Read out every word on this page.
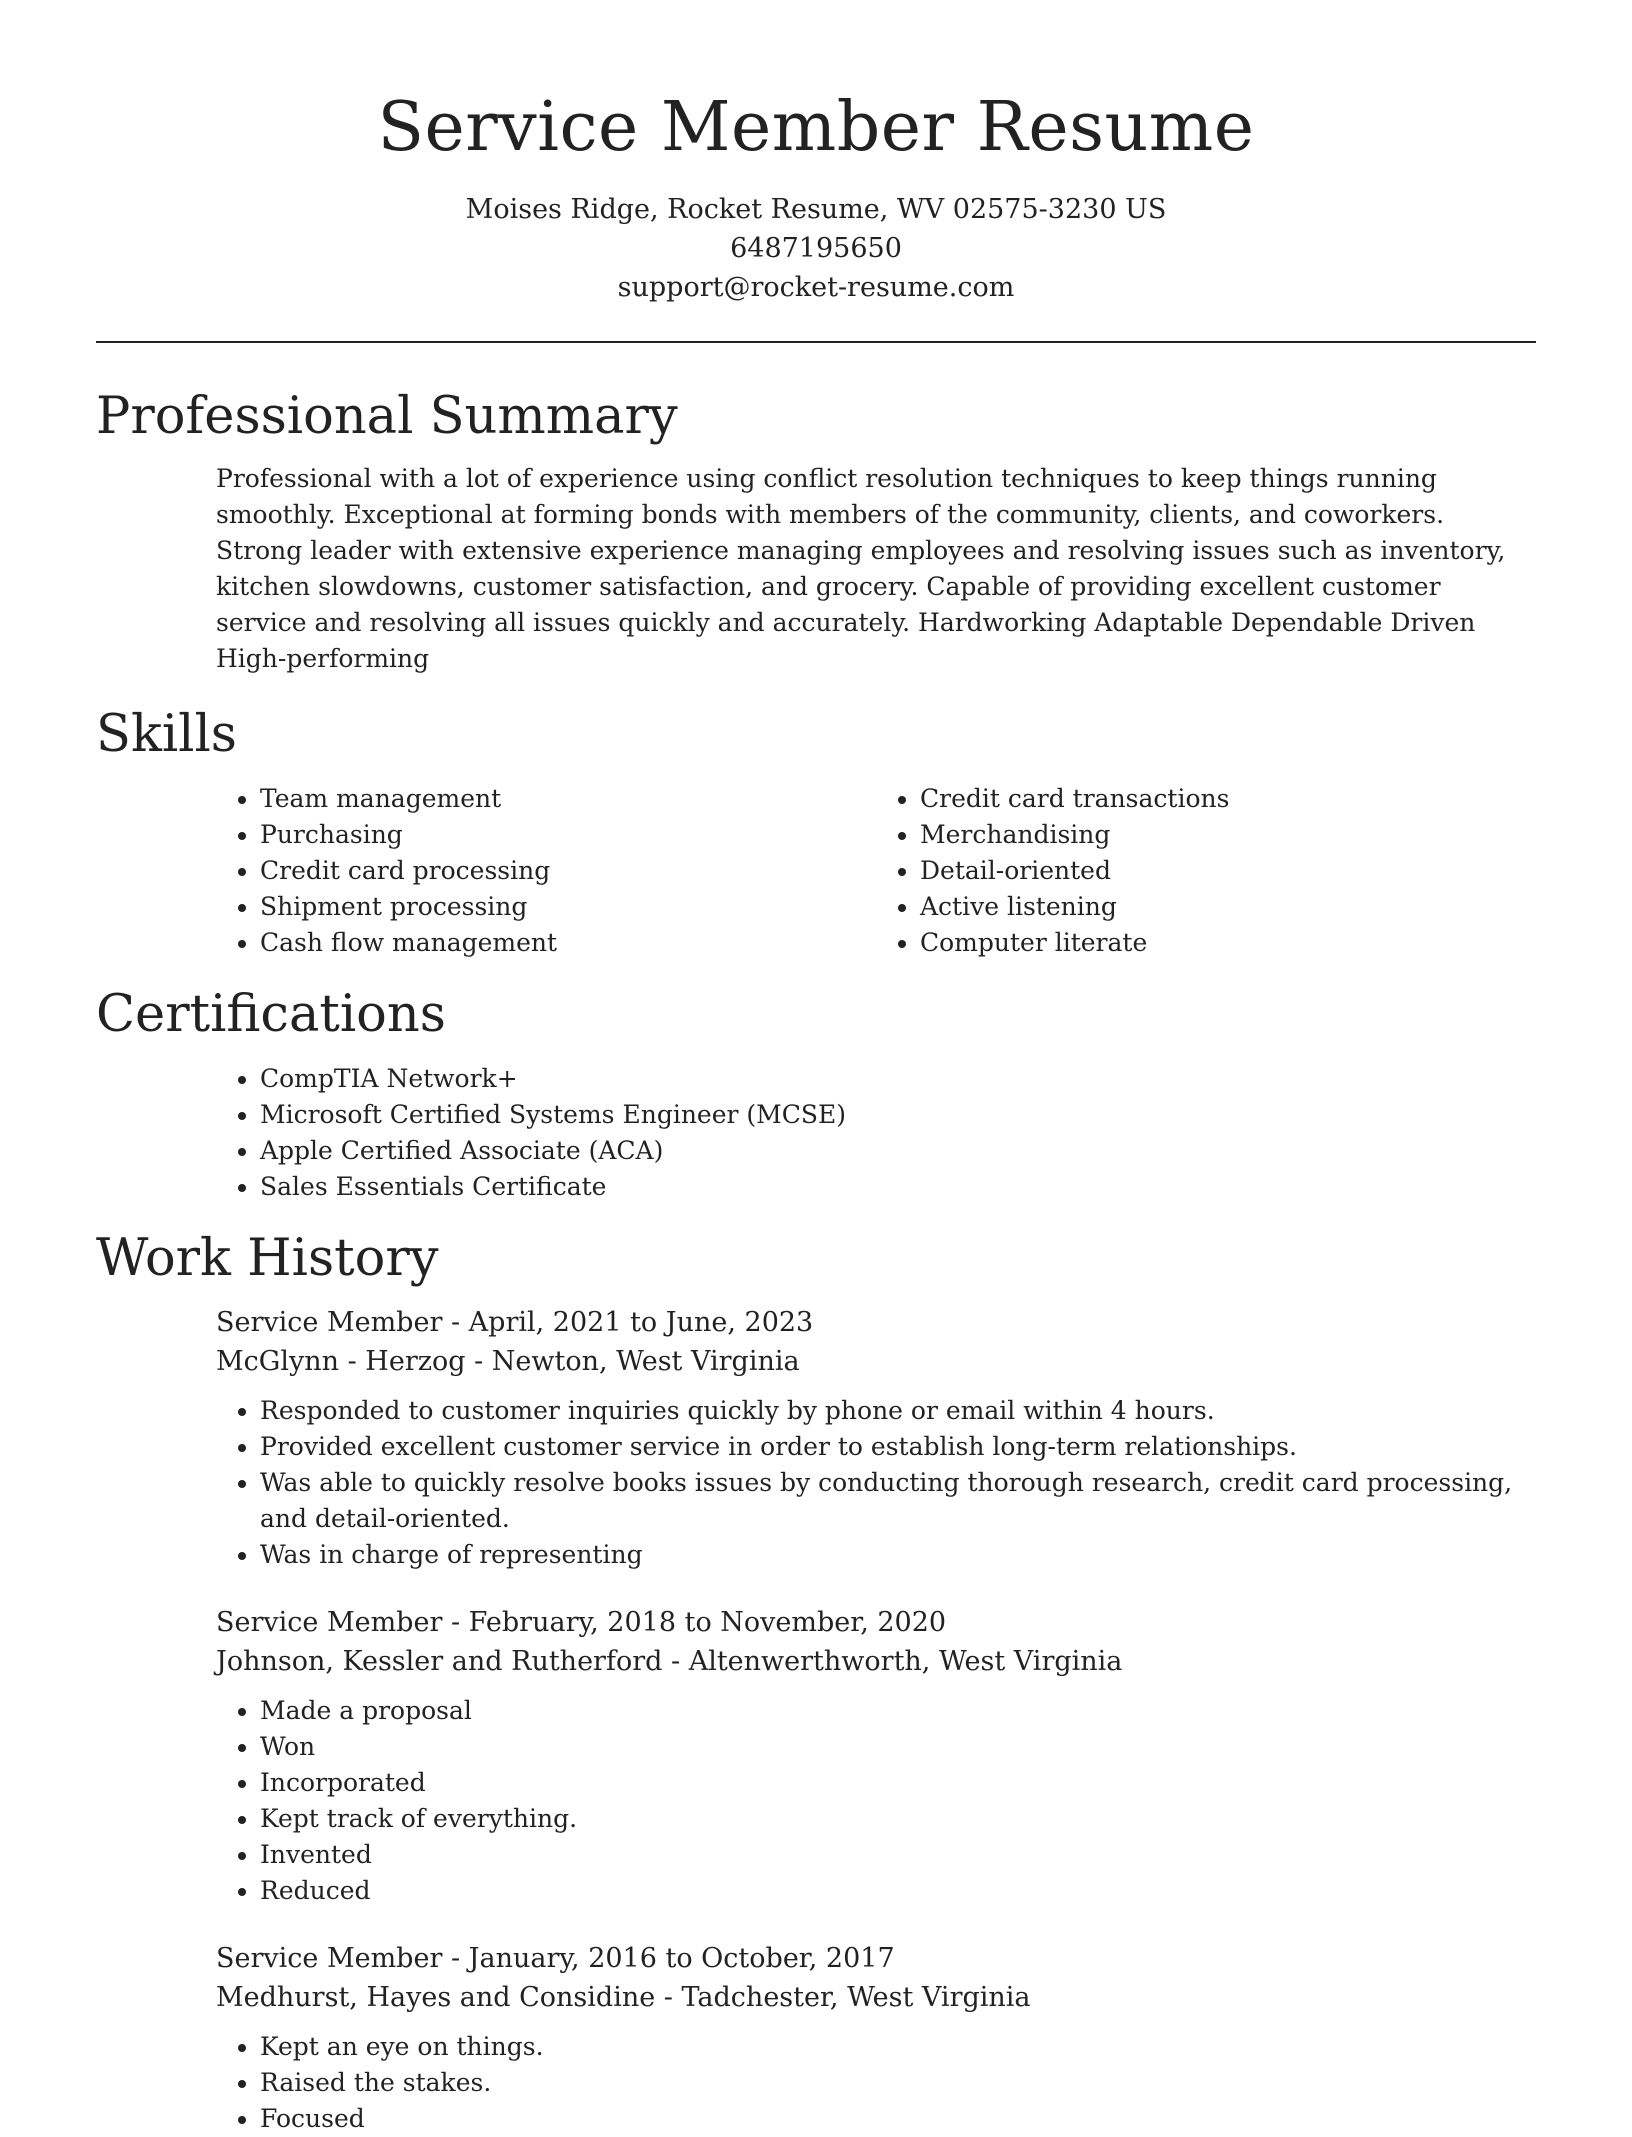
Service Member Resume
Moises Ridge, Rocket Resume, WV 02575-3230 US
6487195650
support@rocket-resume.com
Professional Summary

Professional with a lot of experience using conflict resolution techniques to keep things running smoothly. Exceptional at forming bonds with members of the community, clients, and coworkers. Strong leader with extensive experience managing employees and resolving issues such as inventory, kitchen slowdowns, customer satisfaction, and grocery. Capable of providing excellent customer service and resolving all issues quickly and accurately. Hardworking Adaptable Dependable Driven High-performing

Skills
• Team management
• Purchasing
• Credit card processing
• Shipment processing
• Cash flow management
• Credit card transactions
• Merchandising
• Detail-oriented
• Active listening
• Computer literate
Certifications
• CompTIA Network+
• Microsoft Certified Systems Engineer (MCSE)
• Apple Certified Associate (ACA)
• Sales Essentials Certificate
Work History
Service Member - April, 2021 to June, 2023
McGlynn - Herzog - Newton, West Virginia
• Responded to customer inquiries quickly by phone or email within 4 hours.
• Provided excellent customer service in order to establish long-term relationships.
• Was able to quickly resolve books issues by conducting thorough research, credit card processing, and detail-oriented.
• Was in charge of representing
Service Member - February, 2018 to November, 2020
Johnson, Kessler and Rutherford - Altenwerthworth, West Virginia
• Made a proposal
• Won
• Incorporated
• Kept track of everything.
• Invented
• Reduced
Service Member - January, 2016 to October, 2017
Medhurst, Hayes and Considine - Tadchester, West Virginia
• Kept an eye on things.
• Raised the stakes.
• Focused
